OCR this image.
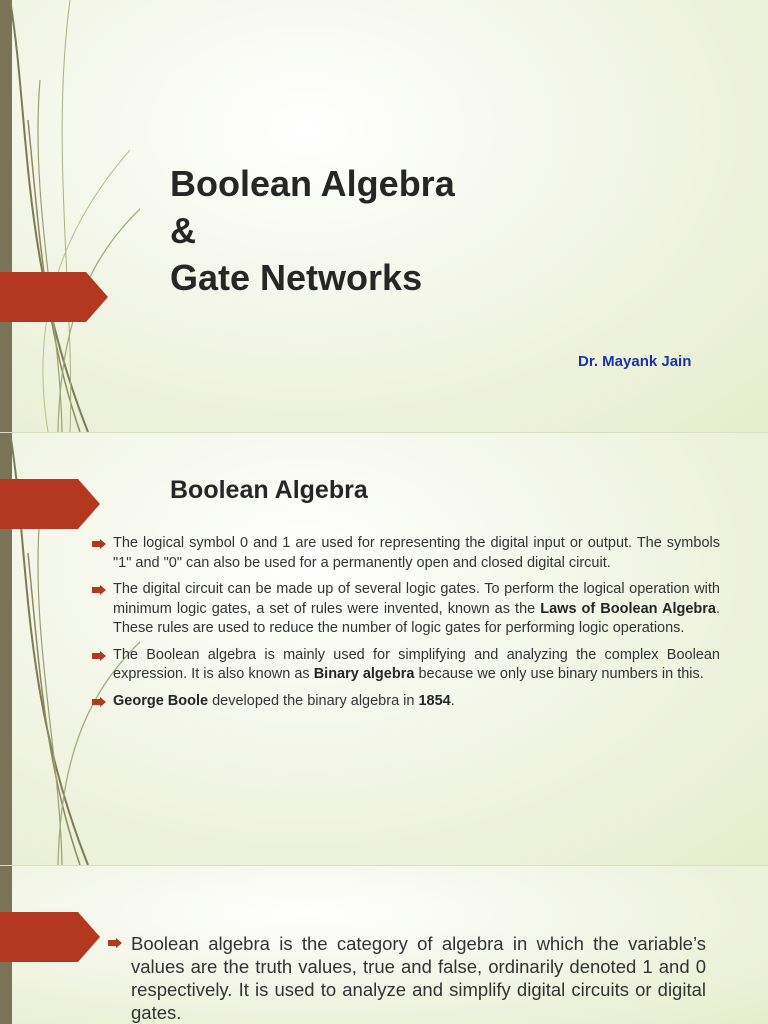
Boolean Algebra
&
Gate Networks
Dr. Mayank Jain
Boolean Algebra
The logical symbol 0 and 1 are used for representing the digital input or output. The symbols "1" and "0" can also be used for a permanently open and closed digital circuit.
The digital circuit can be made up of several logic gates. To perform the logical operation with minimum logic gates, a set of rules were invented, known as the Laws of Boolean Algebra. These rules are used to reduce the number of logic gates for performing logic operations.
The Boolean algebra is mainly used for simplifying and analyzing the complex Boolean expression. It is also known as Binary algebra because we only use binary numbers in this.
George Boole developed the binary algebra in 1854.
Boolean algebra is the category of algebra in which the variable’s values are the truth values, true and false, ordinarily denoted 1 and 0 respectively. It is used to analyze and simplify digital circuits or digital gates.
